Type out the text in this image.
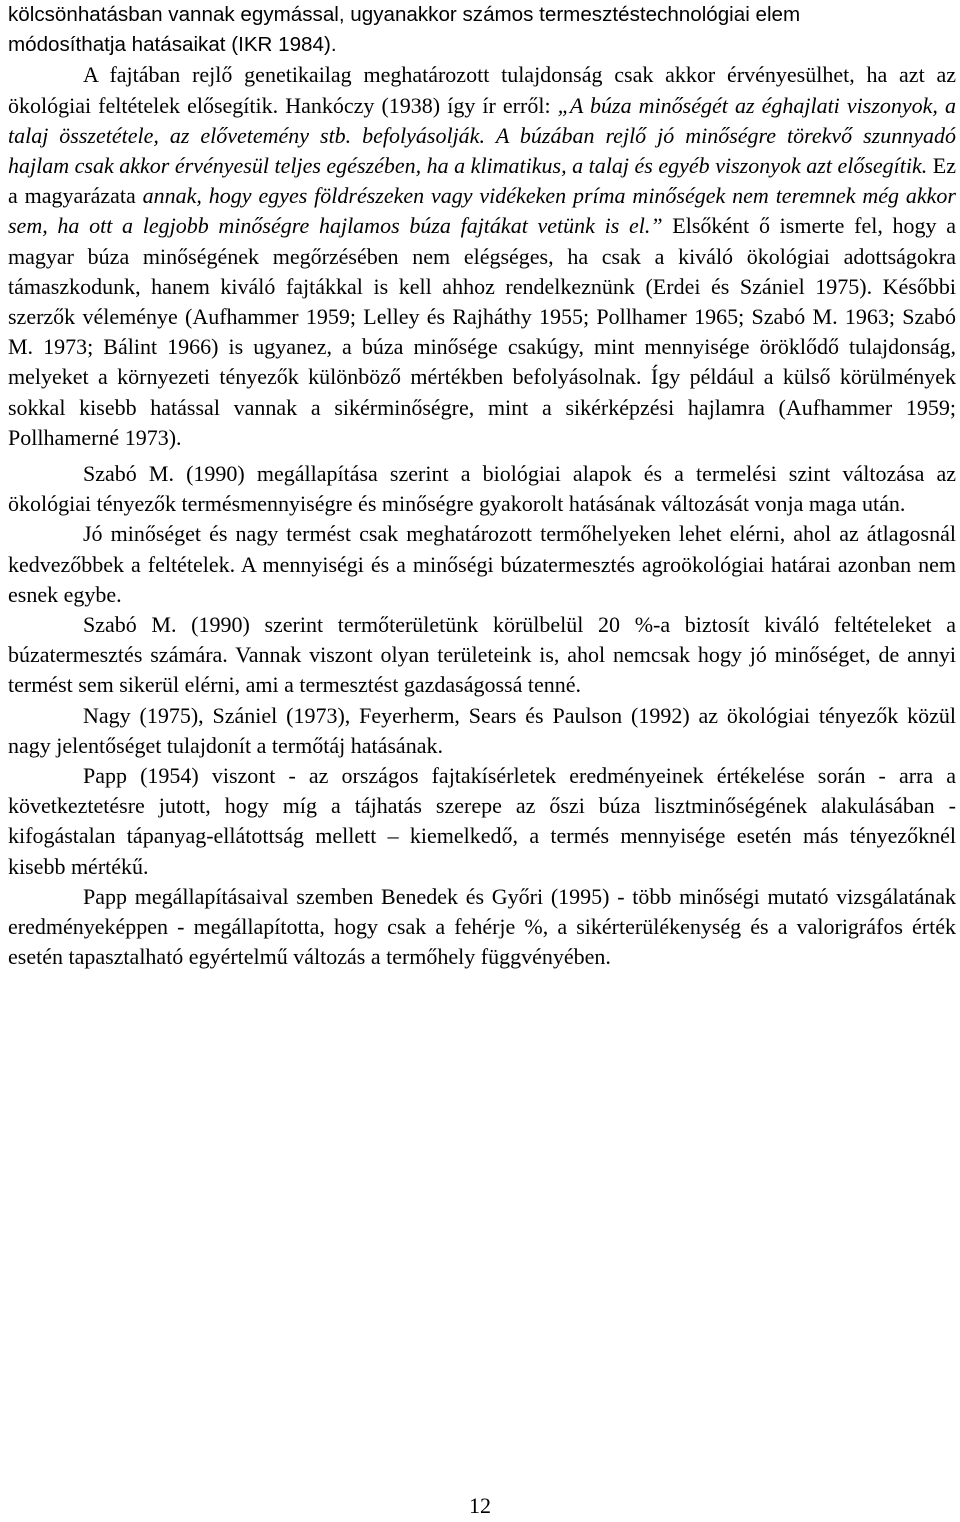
kölcsönhatásban vannak egymással, ugyanakkor számos termesztéstechnológiai elem
módosíthatja hatásaikat (IKR 1984).

A fajtában rejlő genetikailag meghatározott tulajdonság csak akkor érvényesülhet, ha azt az ökológiai feltételek elősegítik. Hankóczy (1938) így ír erről: „A búza minőségét az éghajlati viszonyok, a talaj összetétele, az elővetemény stb. befolyásolják. A búzában rejlő jó minőségre törekvő szunnyadó hajlam csak akkor érvényesül teljes egészében, ha a klimatikus, a talaj és egyéb viszonyok azt elősegítik. Ez a magyarázata annak, hogy egyes földrészeken vagy vidékeken príma minőségek nem teremnek még akkor sem, ha ott a legjobb minőségre hajlamos búza fajtákat vetünk is el.” Elsőként ő ismerte fel, hogy a magyar búza minőségének megőrzésében nem elégséges, ha csak a kiváló ökológiai adottságokra támaszkodunk, hanem kiváló fajtákkal is kell ahhoz rendelkeznünk (Erdei és Szániel 1975). Későbbi szerzők véleménye (Aufhammer 1959; Lelley és Rajháthy 1955; Pollhamer 1965; Szabó M. 1963; Szabó M. 1973; Bálint 1966) is ugyanez, a búza minősége csakúgy, mint mennyisége öröklődő tulajdonság, melyeket a környezeti tényezők különböző mértékben befolyásolnak. Így például a külső körülmények sokkal kisebb hatással vannak a sikérminőségre, mint a sikérképzési hajlamra (Aufhammer 1959; Pollhamerné 1973).

Szabó M. (1990) megállapítása szerint a biológiai alapok és a termelési szint változása az ökológiai tényezők termésmennyiségre és minőségre gyakorolt hatásának változását vonja maga után.

Jó minőséget és nagy termést csak meghatározott termőhelyeken lehet elérni, ahol az átlagosnál kedvezőbbek a feltételek. A mennyiségi és a minőségi búzatermesztés agroökológiai határai azonban nem esnek egybe.

Szabó M. (1990) szerint termőterületünk körülbelül 20 %-a biztosít kiváló feltételeket a búzatermesztés számára. Vannak viszont olyan területeink is, ahol nemcsak hogy jó minőséget, de annyi termést sem sikerül elérni, ami a termesztést gazdaságossá tenné.

Nagy (1975), Szániel (1973), Feyerherm, Sears és Paulson (1992) az ökológiai tényezők közül nagy jelentőséget tulajdonít a termőtáj hatásának.

Papp (1954) viszont - az országos fajtakísérletek eredményeinek értékelése során - arra a következtetésre jutott, hogy míg a tájhatás szerepe az őszi búza lisztminőségének alakulásában - kifogástalan tápanyag-ellátottság mellett – kiemelkedő, a termés mennyisége esetén más tényezőknél kisebb mértékű.

Papp megállapításaival szemben Benedek és Győri (1995) - több minőségi mutató vizsgálatának eredményeképpen - megállapította, hogy csak a fehérje %, a sikérterülékenység és a valorigráfos érték esetén tapasztalható egyértelmű változás a termőhely függvényében.

12
